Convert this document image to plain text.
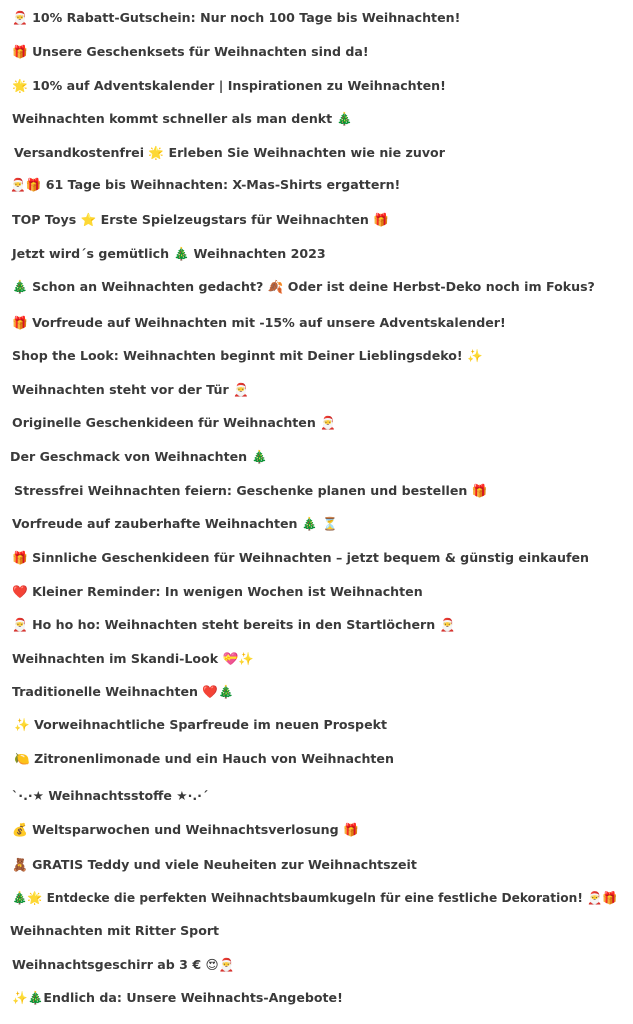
🎅 10% Rabatt-Gutschein: Nur noch 100 Tage bis Weihnachten!
🎁 Unsere Geschenksets für Weihnachten sind da!
🌟 10% auf Adventskalender | Inspirationen zu Weihnachten!
Weihnachten kommt schneller als man denkt 🎄
Versandkostenfrei 🌟 Erleben Sie Weihnachten wie nie zuvor
🎅🎁 61 Tage bis Weihnachten: X-Mas-Shirts ergattern!
TOP Toys ⭐ Erste Spielzeugstars für Weihnachten 🎁
Jetzt wird´s gemütlich 🎄 Weihnachten 2023
🎄 Schon an Weihnachten gedacht? 🍂 Oder ist deine Herbst-Deko noch im Fokus?
🎁 Vorfreude auf Weihnachten mit -15% auf unsere Adventskalender!
Shop the Look: Weihnachten beginnt mit Deiner Lieblingsdeko! ✨
Weihnachten steht vor der Tür 🎅
Originelle Geschenkideen für Weihnachten 🎅
Der Geschmack von Weihnachten 🎄
Stressfrei Weihnachten feiern: Geschenke planen und bestellen 🎁
Vorfreude auf zauberhafte Weihnachten 🎄 ⏳
🎁 Sinnliche Geschenkideen für Weihnachten – jetzt bequem & günstig einkaufen
❤️ Kleiner Reminder: In wenigen Wochen ist Weihnachten
🎅 Ho ho ho: Weihnachten steht bereits in den Startlöchern 🎅
Weihnachten im Skandi-Look 💝✨
Traditionelle Weihnachten ❤️🎄
✨ Vorweihnachtliche Sparfreude im neuen Prospekt
🍋 Zitronenlimonade und ein Hauch von Weihnachten
`·.·★ Weihnachtsstoffe ★·.·´
💰 Weltsparwochen und Weihnachtsverlosung 🎁
🧸 GRATIS Teddy und viele Neuheiten zur Weihnachtszeit
🎄🌟 Entdecke die perfekten Weihnachtsbaumkugeln für eine festliche Dekoration! 🎅🎁
Weihnachten mit Ritter Sport
Weihnachtsgeschirr ab 3 € 😍🎅
✨🎄Endlich da: Unsere Weihnachts-Angebote!
